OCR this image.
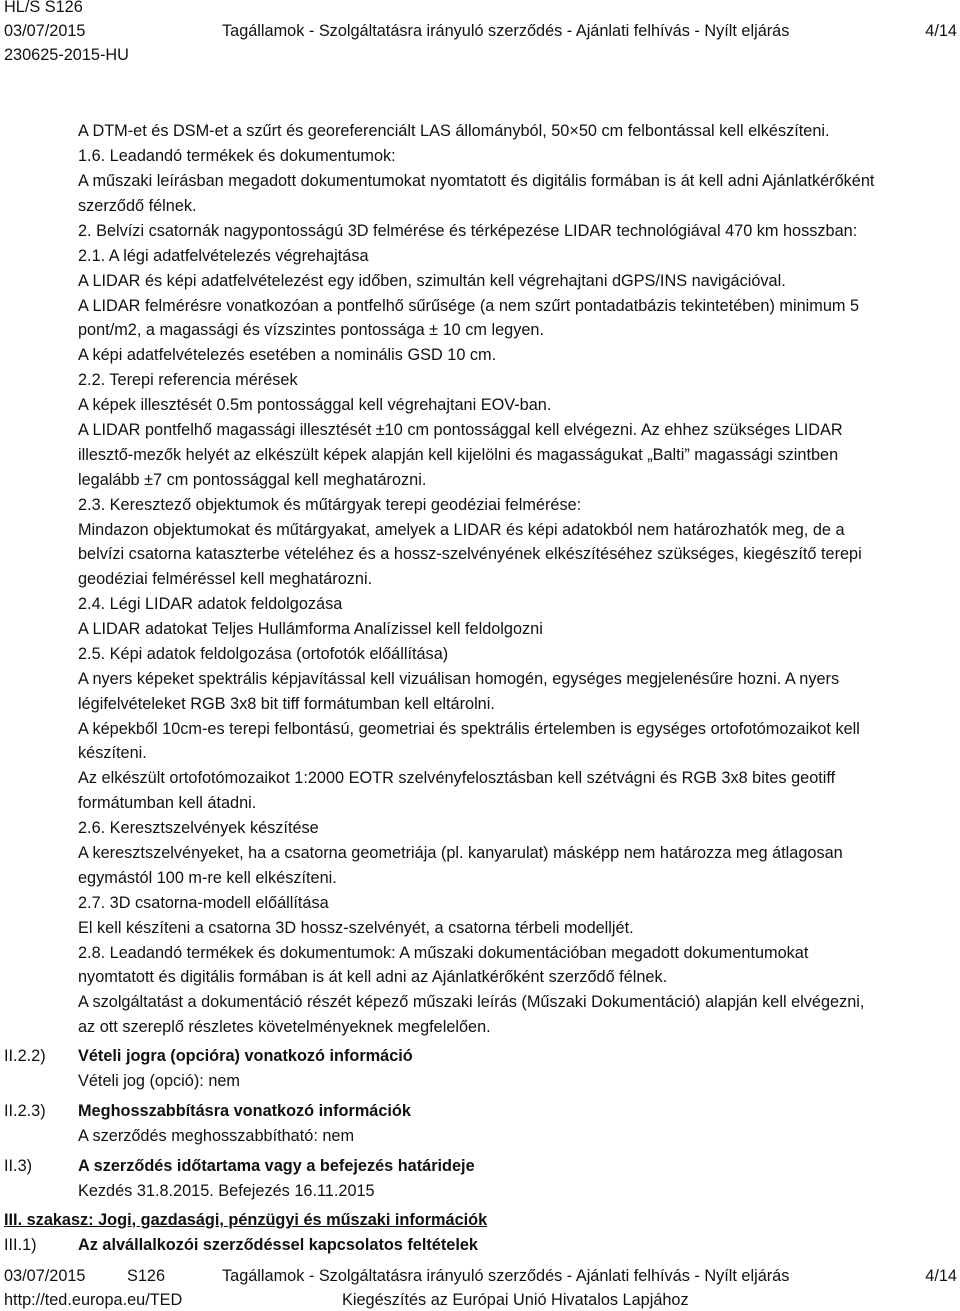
HL/S S126
03/07/2015	Tagállamok - Szolgáltatásra irányuló szerződés - Ajánlati felhívás - Nyílt eljárás	4/14
230625-2015-HU
A DTM-et és DSM-et a szűrt és georeferenciált LAS állományból, 50×50 cm felbontással kell elkészíteni.
1.6. Leadandó termékek és dokumentumok:
A műszaki leírásban megadott dokumentumokat nyomtatott és digitális formában is át kell adni Ajánlatkérőként
szerződő félnek.
2. Belvízi csatornák nagypontosságú 3D felmérése és térképezése LIDAR technológiával 470 km hosszban:
2.1. A légi adatfelvételezés végrehajtása
A LIDAR és képi adatfelvételezést egy időben, szimultán kell végrehajtani dGPS/INS navigációval.
A LIDAR felmérésre vonatkozóan a pontfelhő sűrűsége (a nem szűrt pontadatbázis tekintetében) minimum 5
pont/m2, a magassági és vízszintes pontossága ± 10 cm legyen.
A képi adatfelvételezés esetében a nominális GSD 10 cm.
2.2. Terepi referencia mérések
A képek illesztését 0.5m pontossággal kell végrehajtani EOV-ban.
A LIDAR pontfelhő magassági illesztését ±10 cm pontossággal kell elvégezni. Az ehhez szükséges LIDAR
illesztő-mezők helyét az elkészült képek alapján kell kijelölni és magasságukat „Balti” magassági szintben
legalább ±7 cm pontossággal kell meghatározni.
2.3. Keresztező objektumok és műtárgyak terepi geodéziai felmérése:
Mindazon objektumokat és műtárgyakat, amelyek a LIDAR és képi adatokból nem határozhatók meg, de a
belvízi csatorna kataszterbe vételéhez és a hossz-szelvényének elkészítéséhez szükséges, kiegészítő terepi
geodéziai felméréssel kell meghatározni.
2.4. Légi LIDAR adatok feldolgozása
A LIDAR adatokat Teljes Hullámforma Analízissel kell feldolgozni
2.5. Képi adatok feldolgozása (ortofotók előállítása)
A nyers képeket spektrális képjavítással kell vizuálisan homogén, egységes megjelenésűre hozni. A nyers
légifelvételeket RGB 3x8 bit tiff formátumban kell eltárolni.
A képekből 10cm-es terepi felbontású, geometriai és spektrális értelemben is egységes ortofotómozaikot kell
készíteni.
Az elkészült ortofotómozaikot 1:2000 EOTR szelvényfelosztásban kell szétvágni és RGB 3x8 bites geotiff
formátumban kell átadni.
2.6. Keresztszelvények készítése
A keresztszelvényeket, ha a csatorna geometriája (pl. kanyarulat) másképp nem határozza meg átlagosan
egymástól 100 m-re kell elkészíteni.
2.7. 3D csatorna-modell előállítása
El kell készíteni a csatorna 3D hossz-szelvényét, a csatorna térbeli modelljét.
2.8. Leadandó termékek és dokumentumok: A műszaki dokumentációban megadott dokumentumokat
nyomtatott és digitális formában is át kell adni az Ajánlatkérőként szerződő félnek.
A szolgáltatást a dokumentáció részét képező műszaki leírás (Műszaki Dokumentáció) alapján kell elvégezni,
az ott szereplő részletes követelményeknek megfelelően.
II.2.2) Vételi jogra (opcióra) vonatkozó információ
Vételi jog (opció): nem
II.2.3) Meghosszabbításra vonatkozó információk
A szerződés meghosszabbítható: nem
II.3)	A szerződés időtartama vagy a befejezés határideje
Kezdés 31.8.2015. Befejezés 16.11.2015
III. szakasz: Jogi, gazdasági, pénzügyi és műszaki információk
III.1)	Az alvállalkozói szerződéssel kapcsolatos feltételek
03/07/2015	S126	Tagállamok - Szolgáltatásra irányuló szerződés - Ajánlati felhívás - Nyílt eljárás	4/14
http://ted.europa.eu/TED	Kiegészítés az Európai Unió Hivatalos Lapjához
